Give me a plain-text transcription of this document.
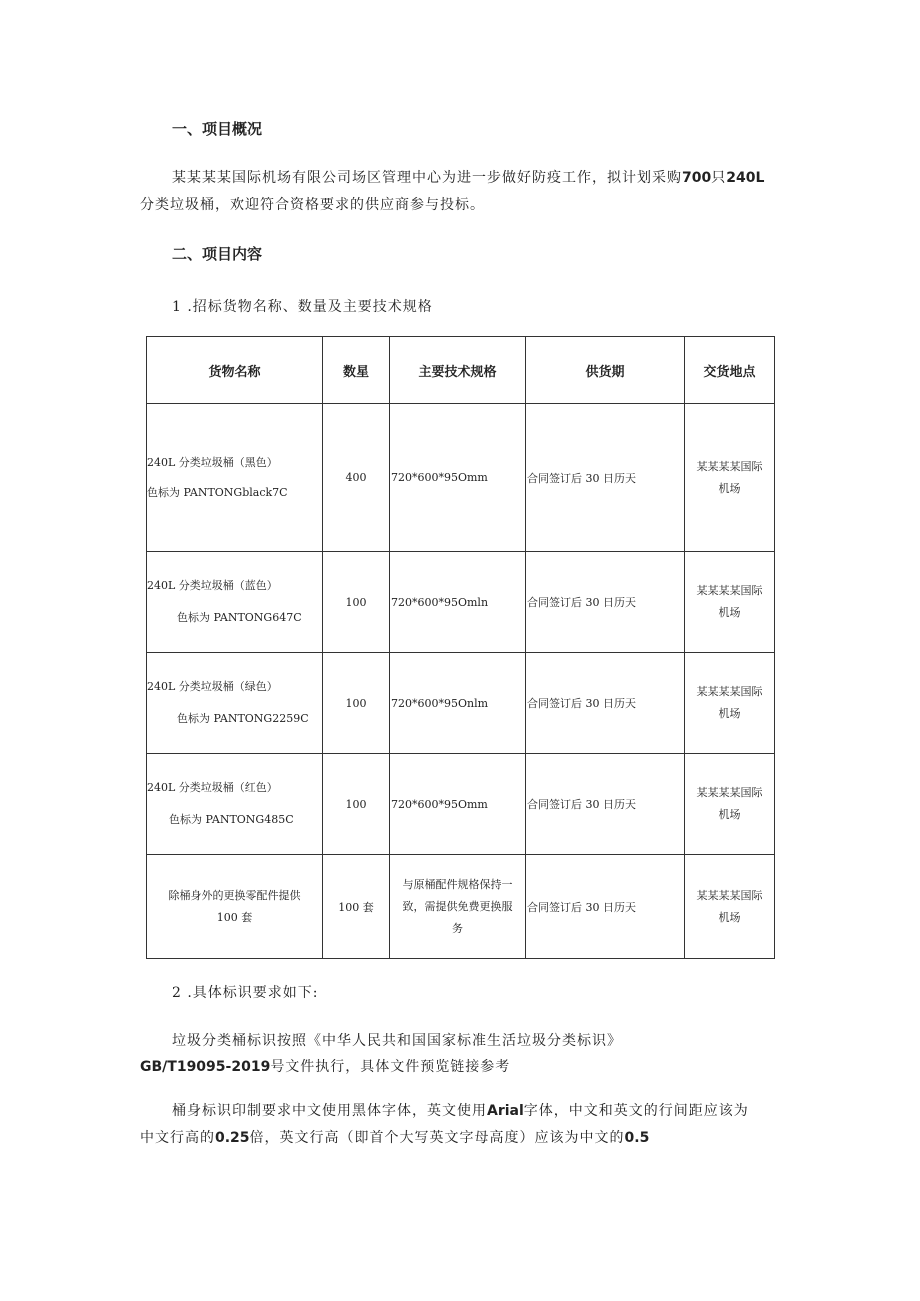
一、项目概况

某某某某国际机场有限公司场区管理中心为进一步做好防疫工作，拟计划采购700只240L

分类垃圾桶，欢迎符合资格要求的供应商参与投标。

二、项目内容

1 .招标货物名称、数量及主要技术规格

货物名称	数星	主要技术规格	供货期	交货地点

240L 分类垃圾桶（黑色）
色标为 PANTONGblack7C	400	720*600*95Omm	合同签订后 30 日历天	某某某某国际
机场

240L 分类垃圾桶（蓝色）
色标为 PANTONG647C	100	720*600*95Omln	合同签订后 30 日历天	某某某某国际
机场

240L 分类垃圾桶（绿色）
色标为 PANTONG2259C	100	720*600*95Onlm	合同签订后 30 日历天	某某某某国际
机场

240L 分类垃圾桶（红色）
色标为 PANTONG485C	100	720*600*95Omm	合同签订后 30 日历天	某某某某国际
机场

除桶身外的更换零配件提供
100 套	100 套	与原桶配件规格保持一
致，需提供免费更换服
务	合同签订后 30 日历天	某某某某国际
机场

2 .具体标识要求如下:

垃圾分类桶标识按照《中华人民共和国国家标准生活垃圾分类标识》

GB/T19095-2019号文件执行，具体文件预览链接参考

桶身标识印制要求中文使用黑体字体，英文使用Arial字体，中文和英文的行间距应该为

中文行高的0.25倍，英文行高（即首个大写英文字母高度）应该为中文的0.5
